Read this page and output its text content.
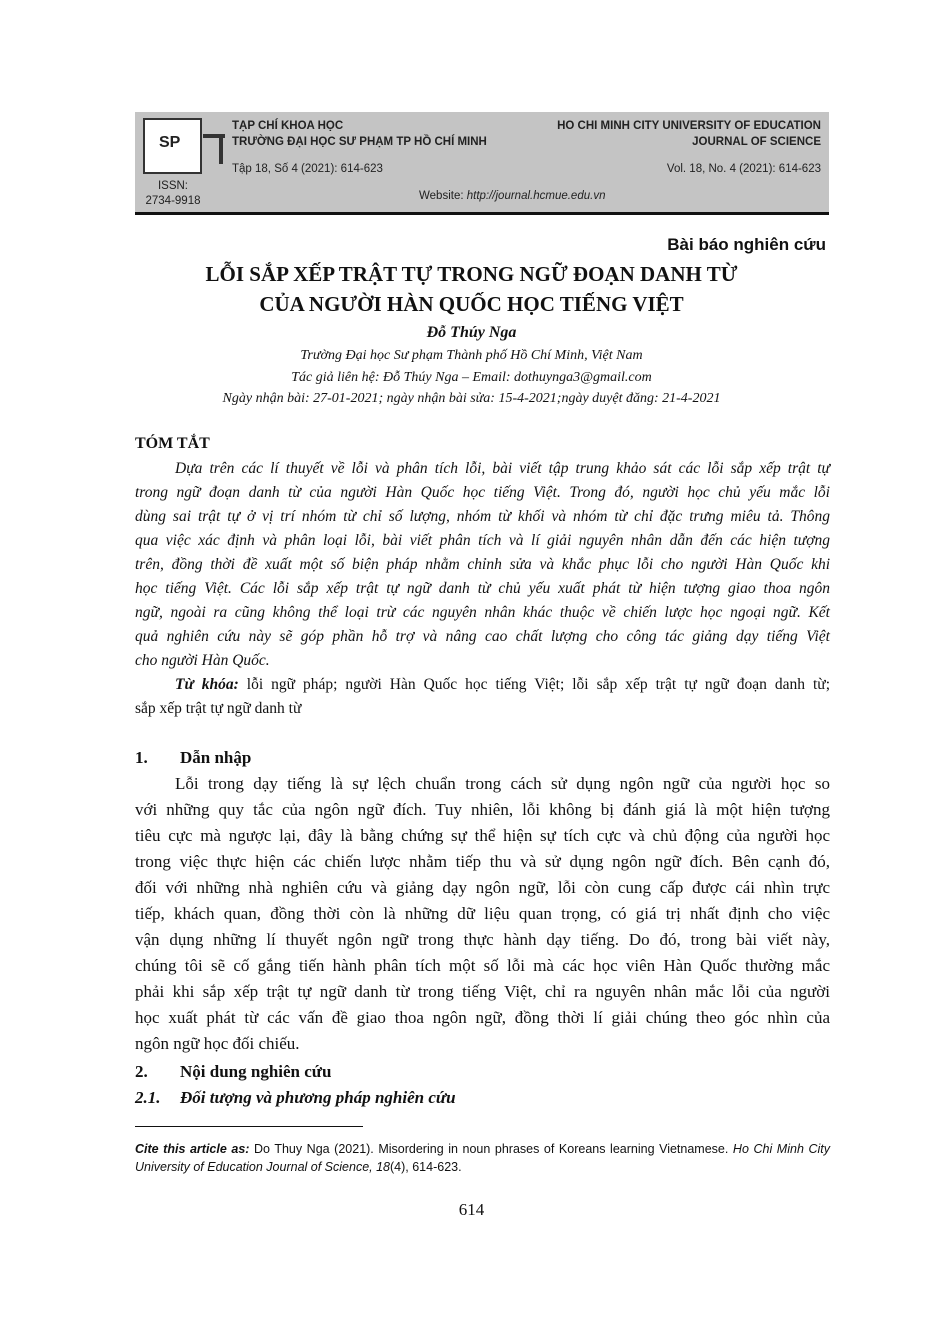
SP
TẠP CHÍ KHOA HỌC
TRƯỜNG ĐẠI HỌC SƯ PHẠM TP HỒ CHÍ MINH
Tập 18, Số 4 (2021): 614-623
HO CHI MINH CITY UNIVERSITY OF EDUCATION
JOURNAL OF SCIENCE
Vol. 18, No. 4 (2021): 614-623
ISSN:
2734-9918	Website: http://journal.hcmue.edu.vn
Bài báo nghiên cứu
LỖI SẮP XẾP TRẬT TỰ TRONG NGỮ ĐOẠN DANH TỪ
CỦA NGƯỜI HÀN QUỐC HỌC TIẾNG VIỆT
Đỗ Thúy Nga
Trường Đại học Sư phạm Thành phố Hồ Chí Minh, Việt Nam
Tác giả liên hệ: Đỗ Thúy Nga – Email: dothuynga3@gmail.com
Ngày nhận bài: 27-01-2021; ngày nhận bài sửa: 15-4-2021;ngày duyệt đăng: 21-4-2021
TÓM TẮT
Dựa trên các lí thuyết về lỗi và phân tích lỗi, bài viết tập trung khảo sát các lỗi sắp xếp trật tự
trong ngữ đoạn danh từ của người Hàn Quốc học tiếng Việt. Trong đó, người học chủ yếu mắc lỗi
dùng sai trật tự ở vị trí nhóm từ chỉ số lượng, nhóm từ khối và nhóm từ chỉ đặc trưng miêu tả. Thông
qua việc xác định và phân loại lỗi, bài viết phân tích và lí giải nguyên nhân dẫn đến các hiện tượng
trên, đồng thời đề xuất một số biện pháp nhằm chỉnh sửa và khắc phục lỗi cho người Hàn Quốc khi
học tiếng Việt. Các lỗi sắp xếp trật tự ngữ danh từ chủ yếu xuất phát từ hiện tượng giao thoa ngôn
ngữ, ngoài ra cũng không thể loại trừ các nguyên nhân khác thuộc về chiến lược học ngoại ngữ. Kết
quả nghiên cứu này sẽ góp phần hỗ trợ và nâng cao chất lượng cho công tác giảng dạy tiếng Việt
cho người Hàn Quốc.
Từ khóa: lỗi ngữ pháp; người Hàn Quốc học tiếng Việt; lỗi sắp xếp trật tự ngữ đoạn danh từ;
sắp xếp trật tự ngữ danh từ
1. Dẫn nhập
Lỗi trong dạy tiếng là sự lệch chuẩn trong cách sử dụng ngôn ngữ của người học so
với những quy tắc của ngôn ngữ đích. Tuy nhiên, lỗi không bị đánh giá là một hiện tượng
tiêu cực mà ngược lại, đây là bằng chứng sự thể hiện sự tích cực và chủ động của người học
trong việc thực hiện các chiến lược nhằm tiếp thu và sử dụng ngôn ngữ đích. Bên cạnh đó,
đối với những nhà nghiên cứu và giảng dạy ngôn ngữ, lỗi còn cung cấp được cái nhìn trực
tiếp, khách quan, đồng thời còn là những dữ liệu quan trọng, có giá trị nhất định cho việc
vận dụng những lí thuyết ngôn ngữ trong thực hành dạy tiếng. Do đó, trong bài viết này,
chúng tôi sẽ cố gắng tiến hành phân tích một số lỗi mà các học viên Hàn Quốc thường mắc
phải khi sắp xếp trật tự ngữ danh từ trong tiếng Việt, chỉ ra nguyên nhân mắc lỗi của người
học xuất phát từ các vấn đề giao thoa ngôn ngữ, đồng thời lí giải chúng theo góc nhìn của
ngôn ngữ học đối chiếu.
2. Nội dung nghiên cứu
2.1. Đối tượng và phương pháp nghiên cứu
Cite this article as: Do Thuy Nga (2021). Misordering in noun phrases of Koreans learning Vietnamese. Ho Chi Minh City University of Education Journal of Science, 18(4), 614-623.
614
